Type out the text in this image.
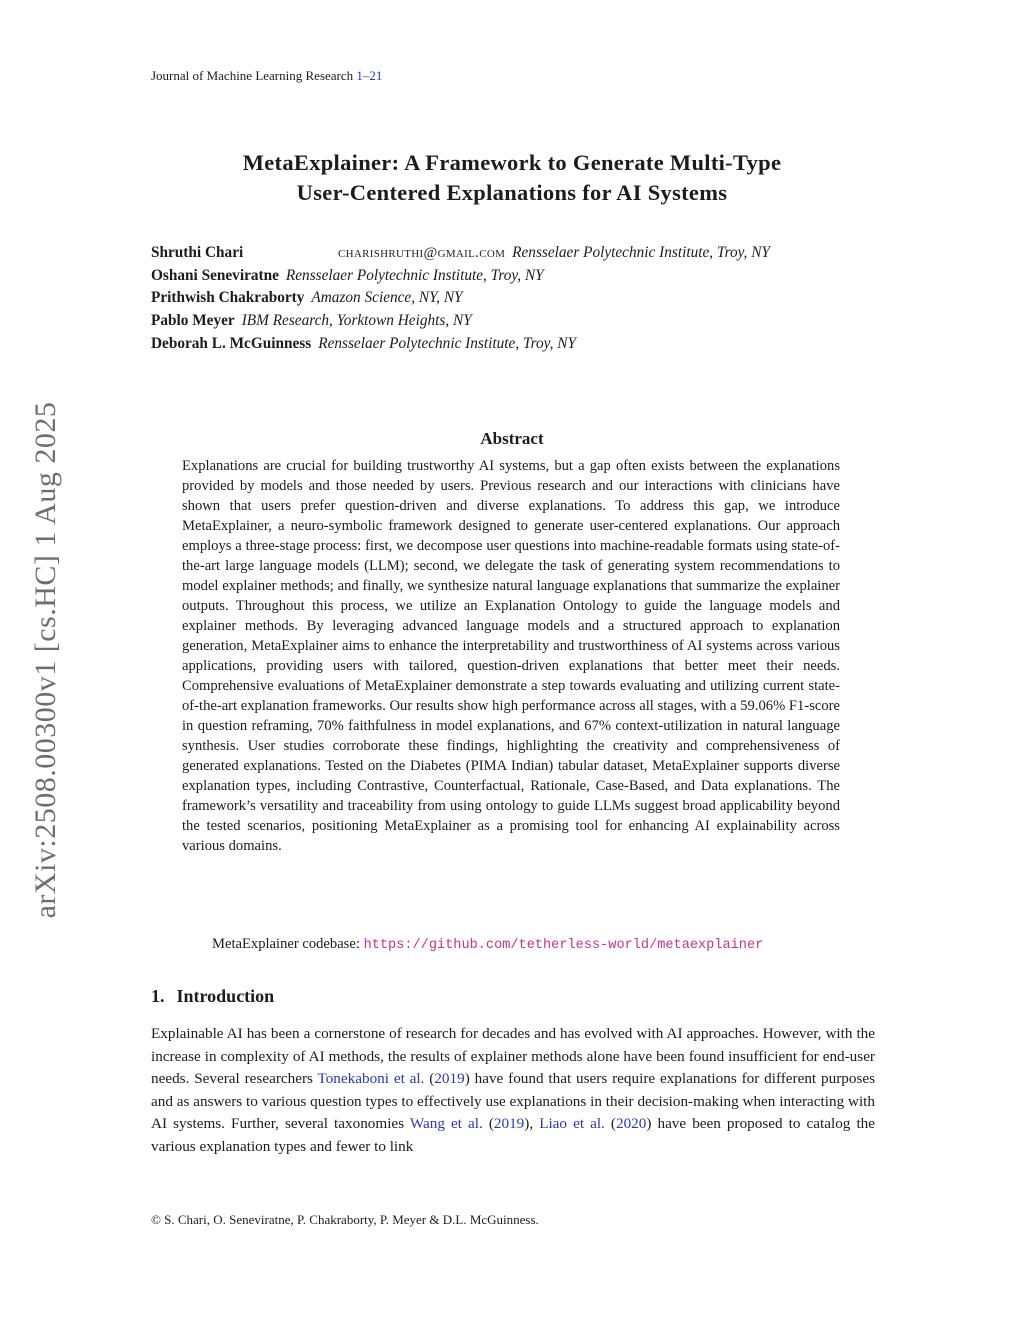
arXiv:2508.00300v1 [cs.HC] 1 Aug 2025
Journal of Machine Learning Research 1–21
MetaExplainer: A Framework to Generate Multi-Type
User-Centered Explanations for AI Systems
Shruthi Chari	charishruthi@gmail.com Rensselaer Polytechnic Institute, Troy, NY
Oshani Seneviratne Rensselaer Polytechnic Institute, Troy, NY
Prithwish Chakraborty Amazon Science, NY, NY
Pablo Meyer IBM Research, Yorktown Heights, NY
Deborah L. McGuinness Rensselaer Polytechnic Institute, Troy, NY
Abstract

Explanations are crucial for building trustworthy AI systems, but a gap often exists between the explanations provided by models and those needed by users. Previous research and our interactions with clinicians have shown that users prefer question-driven and diverse explanations. To address this gap, we introduce MetaExplainer, a neuro-symbolic framework designed to generate user-centered explanations. Our approach employs a three-stage process: first, we decompose user questions into machine-readable formats using state-of-the-art large language models (LLM); second, we delegate the task of generating system recommendations to model explainer methods; and finally, we synthesize natural language explanations that summarize the explainer outputs. Throughout this process, we utilize an Explanation Ontology to guide the language models and explainer methods. By leveraging advanced language models and a structured approach to explanation generation, MetaExplainer aims to enhance the interpretability and trustworthiness of AI systems across various applications, providing users with tailored, question-driven explanations that better meet their needs. Comprehensive evaluations of MetaExplainer demonstrate a step towards evaluating and utilizing current state-of-the-art explanation frameworks. Our results show high performance across all stages, with a 59.06% F1-score in question reframing, 70% faithfulness in model explanations, and 67% context-utilization in natural language synthesis. User studies corroborate these findings, highlighting the creativity and comprehensiveness of generated explanations. Tested on the Diabetes (PIMA Indian) tabular dataset, MetaExplainer supports diverse explanation types, including Contrastive, Counterfactual, Rationale, Case-Based, and Data explanations. The framework’s versatility and traceability from using ontology to guide LLMs suggest broad applicability beyond the tested scenarios, positioning MetaExplainer as a promising tool for enhancing AI explainability across various domains.

MetaExplainer codebase: https://github.com/tetherless-world/metaexplainer

1. Introduction

Explainable AI has been a cornerstone of research for decades and has evolved with AI approaches. However, with the increase in complexity of AI methods, the results of explainer methods alone have been found insufficient for end-user needs. Several researchers Tonekaboni et al. (2019) have found that users require explanations for different purposes and as answers to various question types to effectively use explanations in their decision-making when interacting with AI systems. Further, several taxonomies Wang et al. (2019), Liao et al. (2020) have been proposed to catalog the various explanation types and fewer to link

© S. Chari, O. Seneviratne, P. Chakraborty, P. Meyer & D.L. McGuinness.
